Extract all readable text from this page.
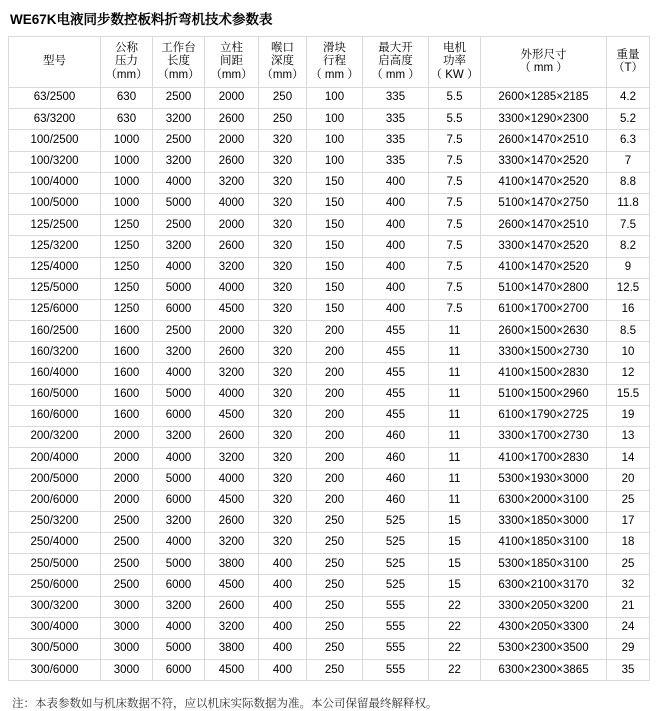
WE67K电液同步数控板料折弯机技术参数表
型号	公称
压力
（mm）	工作台
长度
（mm）	立柱
间距
（mm）	喉口
深度
（mm）	滑块
行程
（ mm ）	最大开
启高度
（ mm ）	电机
功率
（ KW ）	外形尺寸
（ mm ）	重量
（T）

63/2500	630	2500	2000	250	100	335	5.5	2600×1285×2185	4.2
63/3200	630	3200	2600	250	100	335	5.5	3300×1290×2300	5.2
100/2500	1000	2500	2000	320	100	335	7.5	2600×1470×2510	6.3
100/3200	1000	3200	2600	320	100	335	7.5	3300×1470×2520	7
100/4000	1000	4000	3200	320	150	400	7.5	4100×1470×2520	8.8
100/5000	1000	5000	4000	320	150	400	7.5	5100×1470×2750	11.8
125/2500	1250	2500	2000	320	150	400	7.5	2600×1470×2510	7.5
125/3200	1250	3200	2600	320	150	400	7.5	3300×1470×2520	8.2
125/4000	1250	4000	3200	320	150	400	7.5	4100×1470×2520	9
125/5000	1250	5000	4000	320	150	400	7.5	5100×1470×2800	12.5
125/6000	1250	6000	4500	320	150	400	7.5	6100×1700×2700	16
160/2500	1600	2500	2000	320	200	455	11	2600×1500×2630	8.5
160/3200	1600	3200	2600	320	200	455	11	3300×1500×2730	10
160/4000	1600	4000	3200	320	200	455	11	4100×1500×2830	12
160/5000	1600	5000	4000	320	200	455	11	5100×1500×2960	15.5
160/6000	1600	6000	4500	320	200	455	11	6100×1790×2725	19
200/3200	2000	3200	2600	320	200	460	11	3300×1700×2730	13
200/4000	2000	4000	3200	320	200	460	11	4100×1700×2830	14
200/5000	2000	5000	4000	320	200	460	11	5300×1930×3000	20
200/6000	2000	6000	4500	320	200	460	11	6300×2000×3100	25
250/3200	2500	3200	2600	320	250	525	15	3300×1850×3000	17
250/4000	2500	4000	3200	320	250	525	15	4100×1850×3100	18
250/5000	2500	5000	3800	400	250	525	15	5300×1850×3100	25
250/6000	2500	6000	4500	400	250	525	15	6300×2100×3170	32
300/3200	3000	3200	2600	400	250	555	22	3300×2050×3200	21
300/4000	3000	4000	3200	400	250	555	22	4300×2050×3300	24
300/5000	3000	5000	3800	400	250	555	22	5300×2300×3500	29
300/6000	3000	6000	4500	400	250	555	22	6300×2300×3865	35
注：本表参数如与机床数据不符，应以机床实际数据为准。本公司保留最终解释权。
